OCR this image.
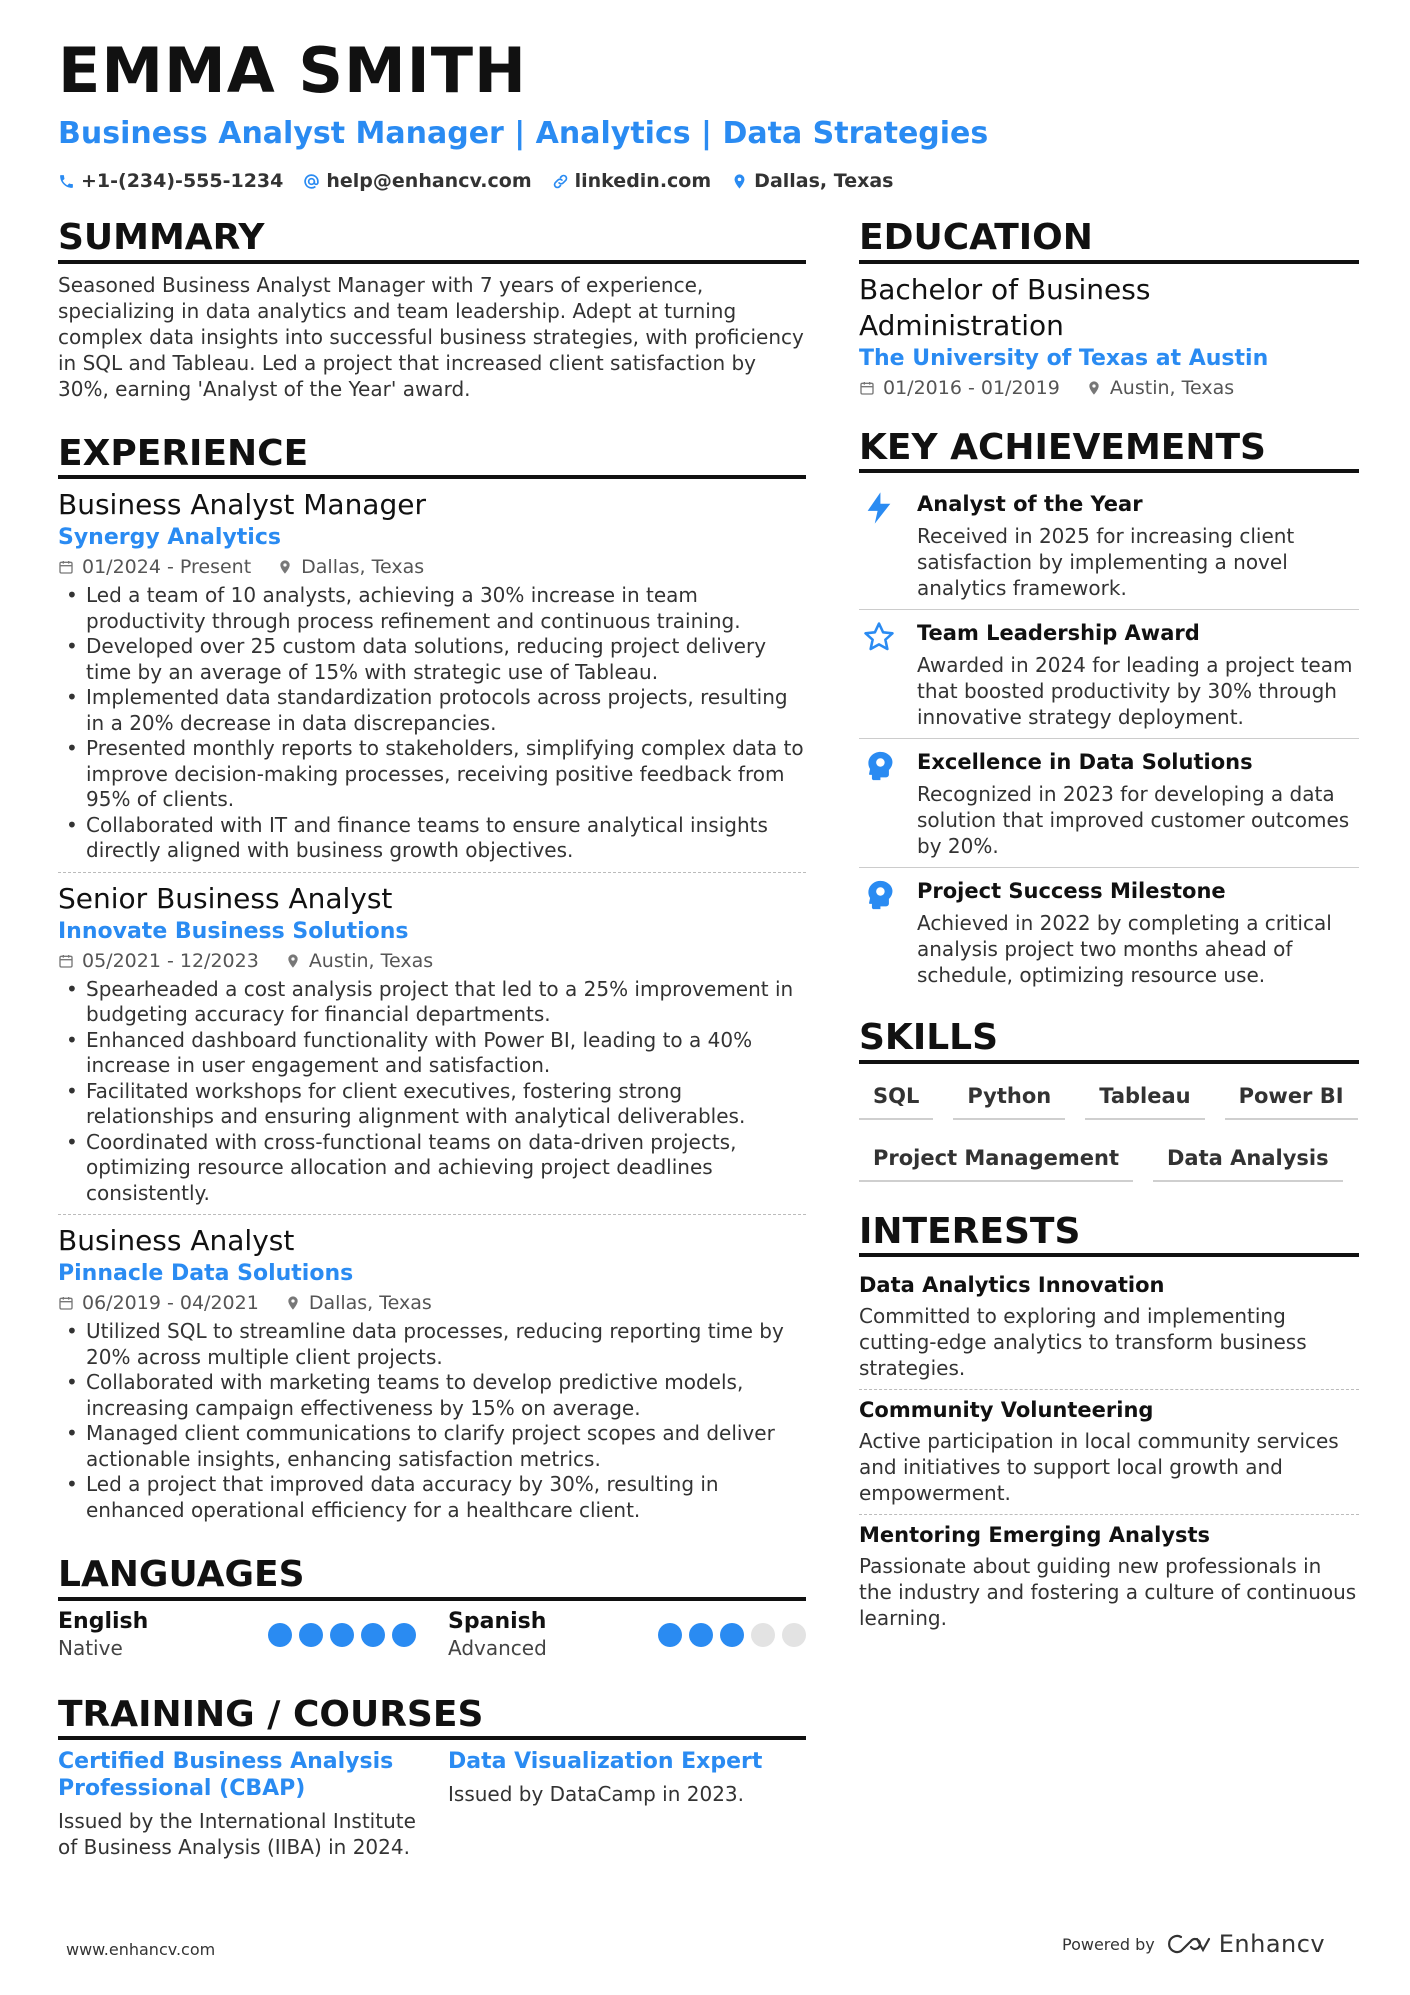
EMMA SMITH
Business Analyst Manager | Analytics | Data Strategies
+1-(234)-555-1234 help@enhancv.com linkedin.com Dallas, Texas
SUMMARY
Seasoned Business Analyst Manager with 7 years of experience, specializing in data analytics and team leadership. Adept at turning complex data insights into successful business strategies, with proficiency in SQL and Tableau. Led a project that increased client satisfaction by 30%, earning 'Analyst of the Year' award.
EXPERIENCE
Business Analyst Manager
Synergy Analytics
01/2024 - Present	Dallas, Texas
• Led a team of 10 analysts, achieving a 30% increase in team productivity through process refinement and continuous training.
• Developed over 25 custom data solutions, reducing project delivery time by an average of 15% with strategic use of Tableau.
• Implemented data standardization protocols across projects, resulting in a 20% decrease in data discrepancies.
• Presented monthly reports to stakeholders, simplifying complex data to improve decision-making processes, receiving positive feedback from 95% of clients.
• Collaborated with IT and finance teams to ensure analytical insights directly aligned with business growth objectives.
Senior Business Analyst
Innovate Business Solutions
05/2021 - 12/2023	Austin, Texas
• Spearheaded a cost analysis project that led to a 25% improvement in budgeting accuracy for financial departments.
• Enhanced dashboard functionality with Power BI, leading to a 40% increase in user engagement and satisfaction.
• Facilitated workshops for client executives, fostering strong relationships and ensuring alignment with analytical deliverables.
• Coordinated with cross-functional teams on data-driven projects, optimizing resource allocation and achieving project deadlines consistently.
Business Analyst
Pinnacle Data Solutions
06/2019 - 04/2021	Dallas, Texas
• Utilized SQL to streamline data processes, reducing reporting time by 20% across multiple client projects.
• Collaborated with marketing teams to develop predictive models, increasing campaign effectiveness by 15% on average.
• Managed client communications to clarify project scopes and deliver actionable insights, enhancing satisfaction metrics.
• Led a project that improved data accuracy by 30%, resulting in enhanced operational efficiency for a healthcare client.
LANGUAGES
English
Native
Spanish
Advanced
TRAINING / COURSES
Certified Business Analysis Professional (CBAP)
Issued by the International Institute of Business Analysis (IIBA) in 2024.
Data Visualization Expert
Issued by DataCamp in 2023.
EDUCATION
Bachelor of Business Administration
The University of Texas at Austin
01/2016 - 01/2019	Austin, Texas
KEY ACHIEVEMENTS
Analyst of the Year
Received in 2025 for increasing client satisfaction by implementing a novel analytics framework.
Team Leadership Award
Awarded in 2024 for leading a project team that boosted productivity by 30% through innovative strategy deployment.
Excellence in Data Solutions
Recognized in 2023 for developing a data solution that improved customer outcomes by 20%.
Project Success Milestone
Achieved in 2022 by completing a critical analysis project two months ahead of schedule, optimizing resource use.
SKILLS
SQL	Python	Tableau	Power BI
Project Management	Data Analysis
INTERESTS
Data Analytics Innovation
Committed to exploring and implementing cutting-edge analytics to transform business strategies.
Community Volunteering
Active participation in local community services and initiatives to support local growth and empowerment.
Mentoring Emerging Analysts
Passionate about guiding new professionals in the industry and fostering a culture of continuous learning.
www.enhancv.com	Powered by	Enhancv
